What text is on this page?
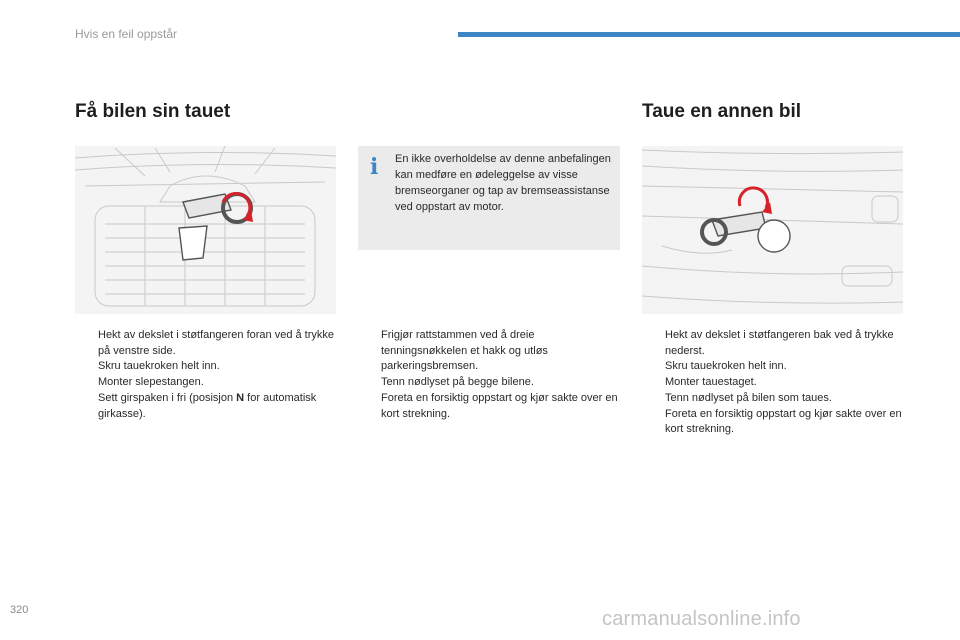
Hvis en feil oppstår
Få bilen sin tauet	Taue en annen bil
i En ikke overholdelse av denne anbefalingen kan medføre en ødeleggelse av visse bremseorganer og tap av bremseassistanse ved oppstart av motor.
Hekt av dekslet i støtfangeren foran ved å trykke på venstre side.
Skru tauekroken helt inn.
Monter slepestangen.
Sett girspaken i fri (posisjon N for automatisk girkasse).
Frigjør rattstammen ved å dreie tenningsnøkkelen et hakk og utløs parkeringsbremsen.
Tenn nødlyset på begge bilene.
Foreta en forsiktig oppstart og kjør sakte over en kort strekning.
Hekt av dekslet i støtfangeren bak ved å trykke nederst.
Skru tauekroken helt inn.
Monter tauestaget.
Tenn nødlyset på bilen som taues.
Foreta en forsiktig oppstart og kjør sakte over en kort strekning.
320	carmanualsonline.info
